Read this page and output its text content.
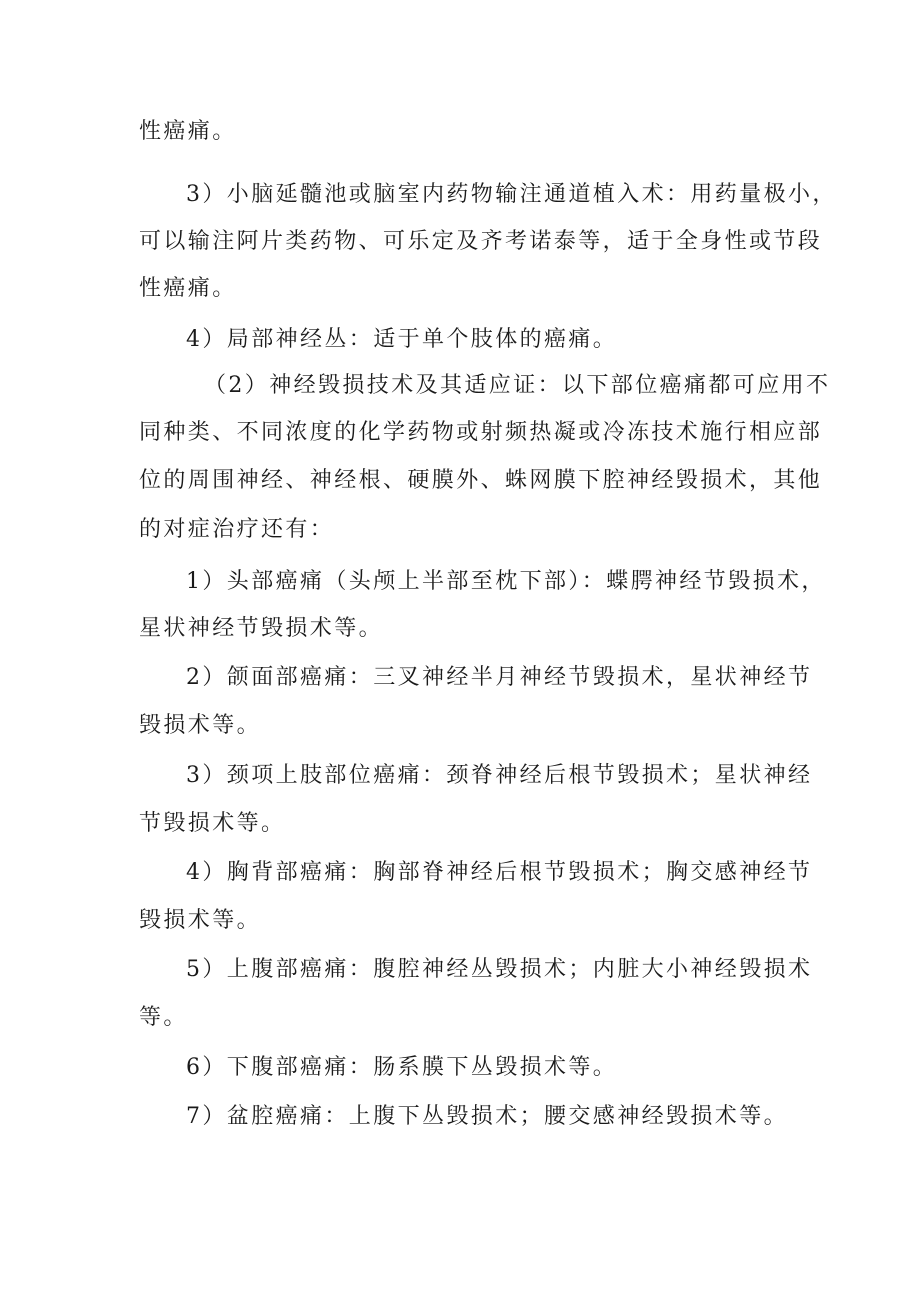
性癌痛。
3）小脑延髓池或脑室内药物输注通道植入术：用药量极小，
可以输注阿片类药物、可乐定及齐考诺泰等，适于全身性或节段
性癌痛。
4）局部神经丛：适于单个肢体的癌痛。
（2）神经毁损技术及其适应证：以下部位癌痛都可应用不
同种类、不同浓度的化学药物或射频热凝或冷冻技术施行相应部
位的周围神经、神经根、硬膜外、蛛网膜下腔神经毁损术，其他
的对症治疗还有：
1）头部癌痛（头颅上半部至枕下部）：蝶腭神经节毁损术，
星状神经节毁损术等。
2）颌面部癌痛：三叉神经半月神经节毁损术，星状神经节
毁损术等。
3）颈项上肢部位癌痛：颈脊神经后根节毁损术；星状神经
节毁损术等。
4）胸背部癌痛：胸部脊神经后根节毁损术；胸交感神经节
毁损术等。
5）上腹部癌痛：腹腔神经丛毁损术；内脏大小神经毁损术
等。
6）下腹部癌痛：肠系膜下丛毁损术等。
7）盆腔癌痛：上腹下丛毁损术；腰交感神经毁损术等。
